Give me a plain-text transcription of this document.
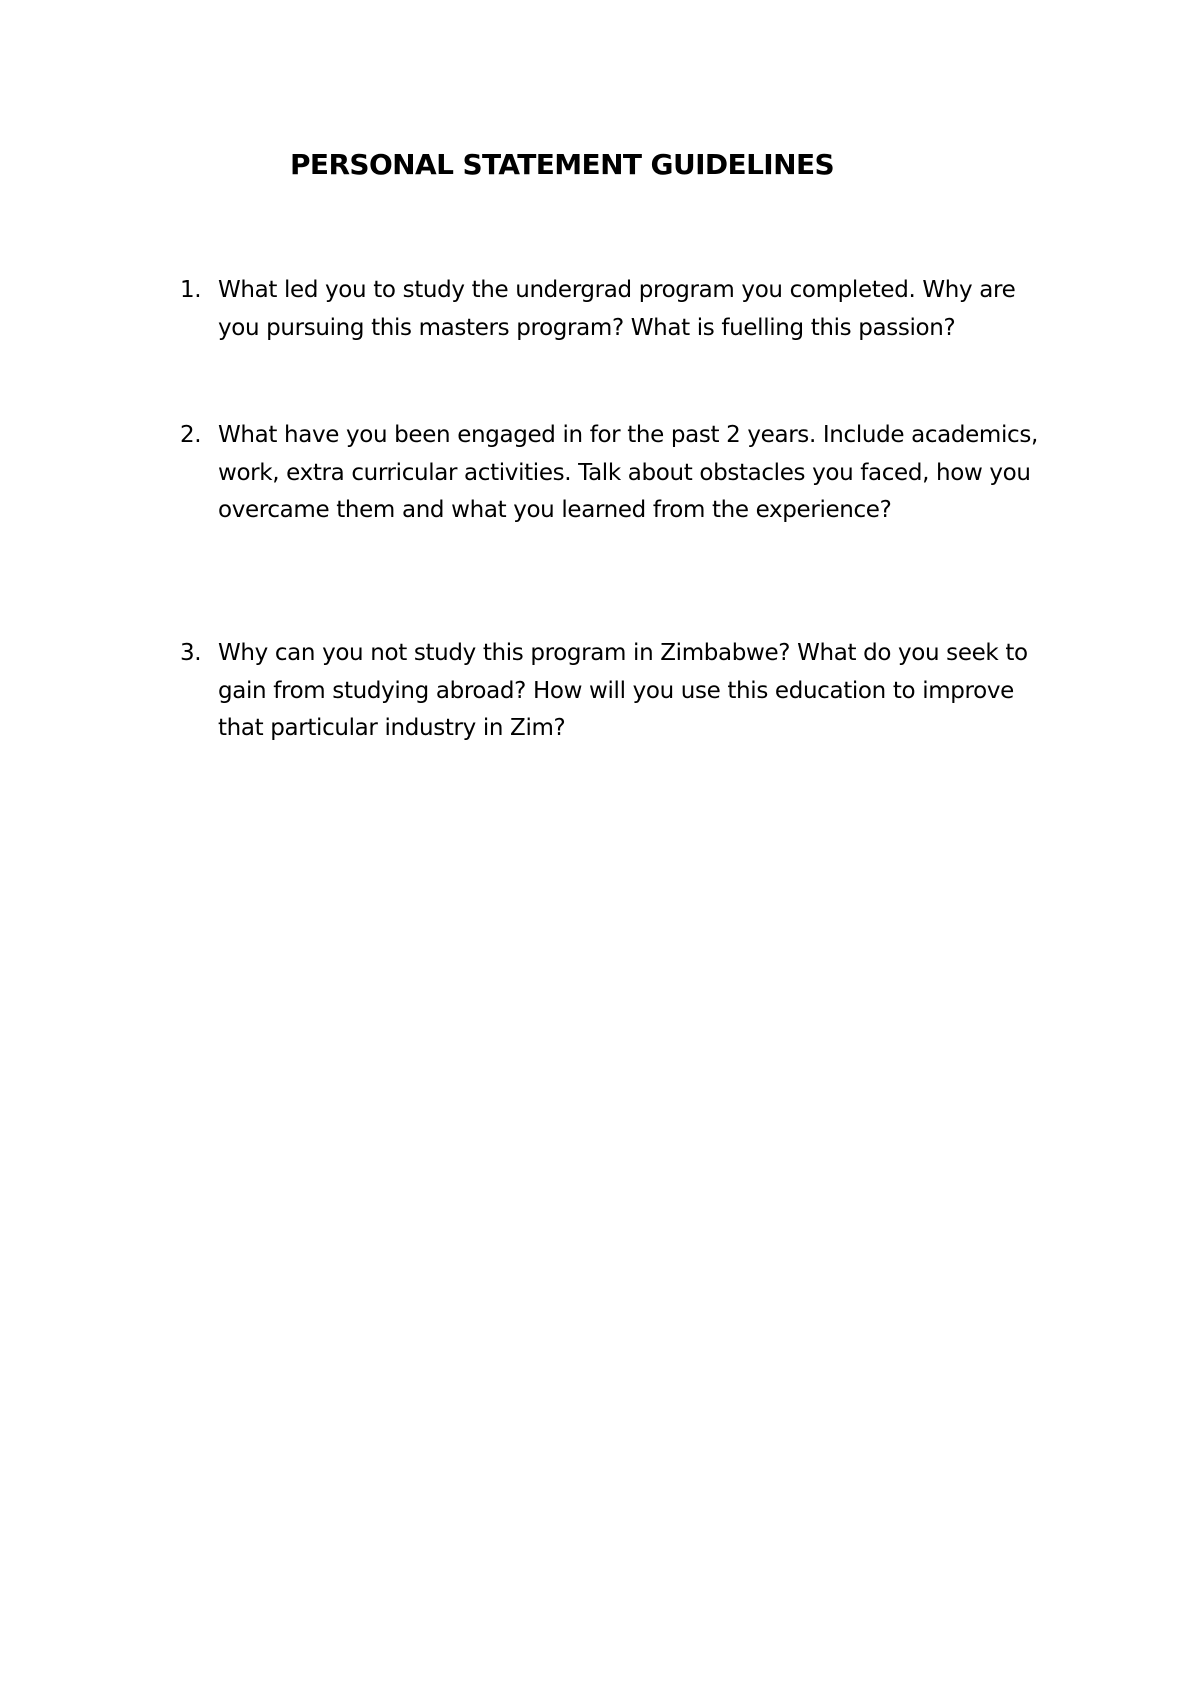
PERSONAL STATEMENT GUIDELINES
1. What led you to study the undergrad program you completed. Why are you pursuing this masters program? What is fuelling this passion?
2. What have you been engaged in for the past 2 years. Include academics, work, extra curricular activities. Talk about obstacles you faced, how you overcame them and what you learned from the experience?
3. Why can you not study this program in Zimbabwe? What do you seek to gain from studying abroad? How will you use this education to improve that particular industry in Zim?
